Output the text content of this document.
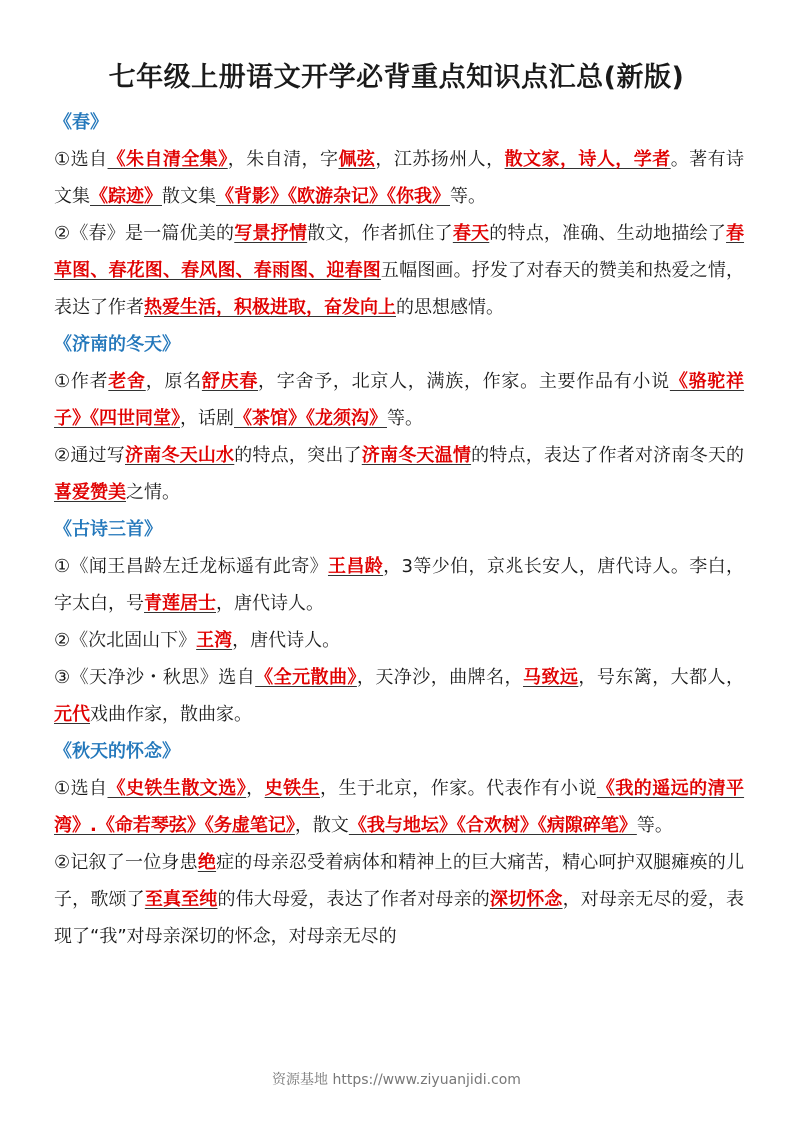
七年级上册语文开学必背重点知识点汇总(新版)
《春》
①选自《朱自清全集》，朱自清，字佩弦，江苏扬州人，散文家，诗人，学者。著有诗文集《踪迹》散文集《背影》《欧游杂记》《你我》等。
②《春》是一篇优美的写景抒情散文，作者抓住了春天的特点，准确、生动地描绘了春草图、春花图、春风图、春雨图、迎春图五幅图画。抒发了对春天的赞美和热爱之情，表达了作者热爱生活，积极进取，奋发向上的思想感情。
《济南的冬天》
①作者老舍，原名舒庆春，字舍予，北京人，满族，作家。主要作品有小说《骆驼祥子》《四世同堂》，话剧《茶馆》《龙须沟》等。
②通过写济南冬天山水的特点，突出了济南冬天温情的特点，表达了作者对济南冬天的喜爱赞美之情。
《古诗三首》
①《闻王昌龄左迁龙标遥有此寄》王昌龄，3等少伯，京兆长安人，唐代诗人。李白，字太白，号青莲居士，唐代诗人。
②《次北固山下》王湾，唐代诗人。
③《天净沙・秋思》选自《全元散曲》，天净沙，曲牌名，马致远，号东篱，大都人，元代戏曲作家，散曲家。
《秋天的怀念》
①选自《史铁生散文选》，史铁生，生于北京，作家。代表作有小说《我的遥远的清平湾》.《命若琴弦》《务虚笔记》，散文《我与地坛》《合欢树》《病隙碎笔》等。
②记叙了一位身患绝症的母亲忍受着病体和精神上的巨大痛苦，精心呵护双腿瘫痪的儿子，歌颂了至真至纯的伟大母爱，表达了作者对母亲的深切怀念，对母亲无尽的爱，表现了“我”对母亲深切的怀念，对母亲无尽的
资源基地 https://www.ziyuanjidi.com
